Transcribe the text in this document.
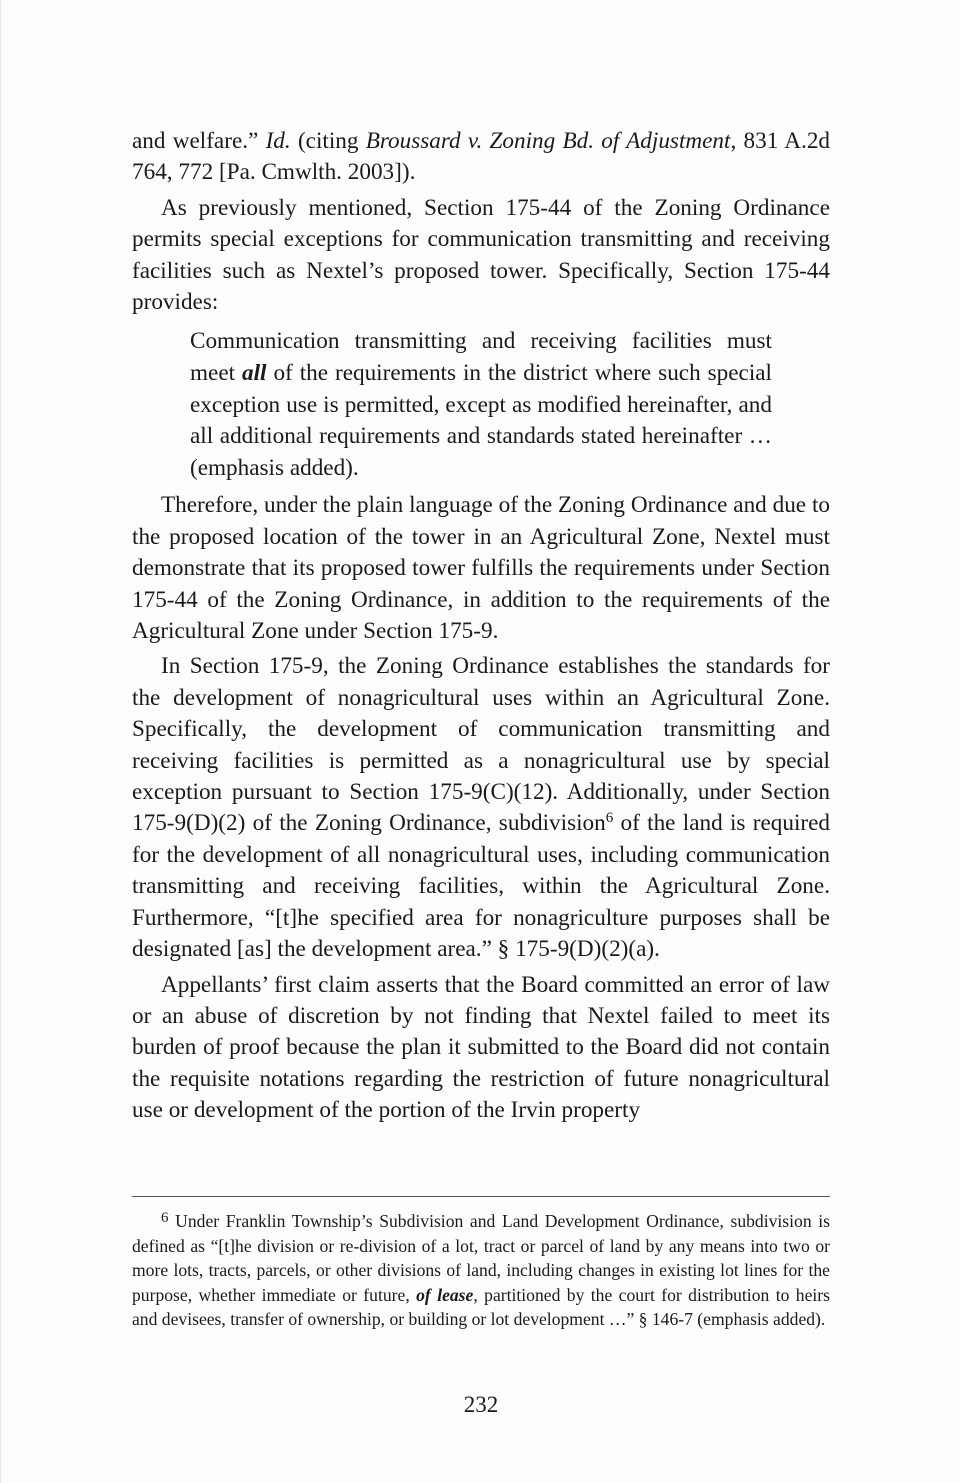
and welfare.” Id. (citing Broussard v. Zoning Bd. of Adjustment, 831 A.2d 764, 772 [Pa. Cmwlth. 2003]).

As previously mentioned, Section 175-44 of the Zoning Ordinance permits special exceptions for communication transmitting and receiving facilities such as Nextel’s proposed tower. Specifically, Section 175-44 provides:

Communication transmitting and receiving facilities must meet all of the requirements in the district where such special exception use is permitted, except as modified hereinafter, and all additional requirements and standards stated hereinafter … (emphasis added).

Therefore, under the plain language of the Zoning Ordinance and due to the proposed location of the tower in an Agricultural Zone, Nextel must demonstrate that its proposed tower fulfills the requirements under Section 175-44 of the Zoning Ordinance, in addition to the requirements of the Agricultural Zone under Section 175-9.

In Section 175-9, the Zoning Ordinance establishes the standards for the development of nonagricultural uses within an Agricultural Zone. Specifically, the development of communication transmitting and receiving facilities is permitted as a nonagricultural use by special exception pursuant to Section 175-9(C)(12). Additionally, under Section 175-9(D)(2) of the Zoning Ordinance, subdivision$^6$ of the land is required for the development of all nonagricultural uses, including communication transmitting and receiving facilities, within the Agricultural Zone. Furthermore, “[t]he specified area for nonagriculture purposes shall be designated [as] the development area.” § 175-9(D)(2)(a).

Appellants’ first claim asserts that the Board committed an error of law or an abuse of discretion by not finding that Nextel failed to meet its burden of proof because the plan it submitted to the Board did not contain the requisite notations regarding the restriction of future nonagricultural use or development of the portion of the Irvin property

6 Under Franklin Township’s Subdivision and Land Development Ordinance, subdivision is defined as “[t]he division or re-division of a lot, tract or parcel of land by any means into two or more lots, tracts, parcels, or other divisions of land, including changes in existing lot lines for the purpose, whether immediate or future, of lease, partitioned by the court for distribution to heirs and devisees, transfer of ownership, or building or lot development …” § 146-7 (emphasis added).
232
